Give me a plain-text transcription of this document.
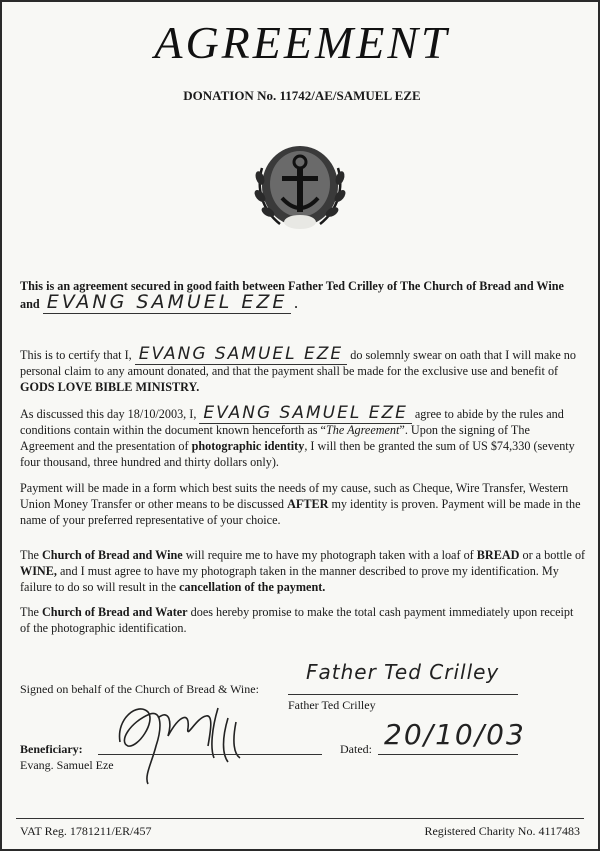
AGREEMENT
DONATION No. 11742/AE/SAMUEL EZE

This is an agreement secured in good faith between Father Ted Crilley of The Church of Bread and Wine and EVANG SAMUEL EZE .

This is to certify that I, EVANG SAMUEL EZE do solemnly swear on oath that I will make no personal claim to any amount donated, and that the payment shall be made for the exclusive use and benefit of GODS LOVE BIBLE MINISTRY.

As discussed this day 18/10/2003, I, EVANG SAMUEL EZE agree to abide by the rules and conditions contain within the document known henceforth as “The Agreement”. Upon the signing of The Agreement and the presentation of photographic identity, I will then be granted the sum of US $74,330 (seventy four thousand, three hundred and thirty dollars only).

Payment will be made in a form which best suits the needs of my cause, such as Cheque, Wire Transfer, Western Union Money Transfer or other means to be discussed AFTER my identity is proven. Payment will be made in the name of your preferred representative of your choice.

The Church of Bread and Wine will require me to have my photograph taken with a loaf of BREAD or a bottle of WINE, and I must agree to have my photograph taken in the manner described to prove my identification. My failure to do so will result in the cancellation of the payment.

The Church of Bread and Water does hereby promise to make the total cash payment immediately upon receipt of the photographic identification.

Signed on behalf of the Church of Bread & Wine:
Father Ted Crilley
Father Ted Crilley
Beneficiary:
Evang. Samuel Eze
Dated: 20/10/03
VAT Reg. 1781211/ER/457	Registered Charity No. 4117483
